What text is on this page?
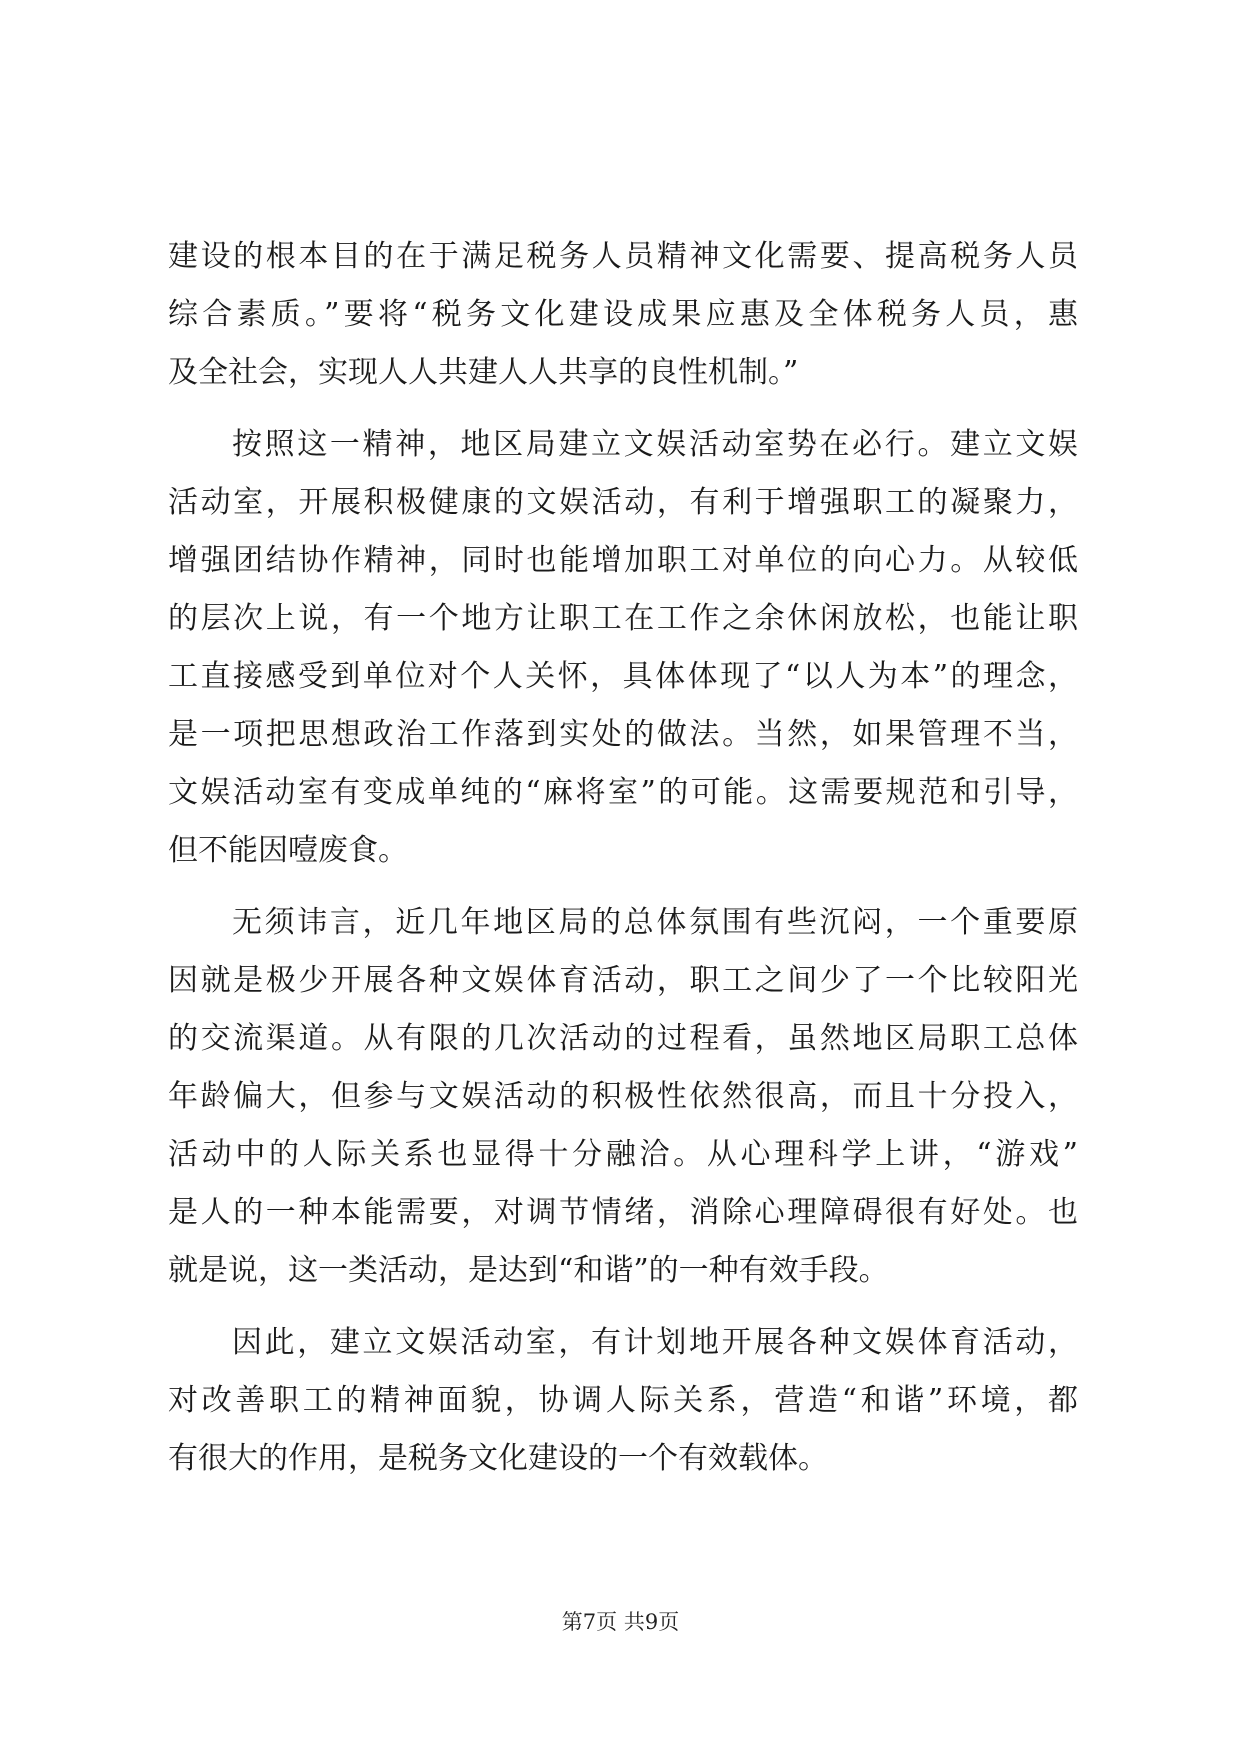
建设的根本目的在于满足税务人员精神文化需要、提高税务人员
综合素质。”要将“税务文化建设成果应惠及全体税务人员，惠
及全社会，实现人人共建人人共享的良性机制。”
按照这一精神，地区局建立文娱活动室势在必行。建立文娱
活动室，开展积极健康的文娱活动，有利于增强职工的凝聚力，
增强团结协作精神，同时也能增加职工对单位的向心力。从较低
的层次上说，有一个地方让职工在工作之余休闲放松，也能让职
工直接感受到单位对个人关怀，具体体现了“以人为本”的理念，
是一项把思想政治工作落到实处的做法。当然，如果管理不当，
文娱活动室有变成单纯的“麻将室”的可能。这需要规范和引导，
但不能因噎废食。
无须讳言，近几年地区局的总体氛围有些沉闷，一个重要原
因就是极少开展各种文娱体育活动，职工之间少了一个比较阳光
的交流渠道。从有限的几次活动的过程看，虽然地区局职工总体
年龄偏大，但参与文娱活动的积极性依然很高，而且十分投入，
活动中的人际关系也显得十分融洽。从心理科学上讲，“游戏”
是人的一种本能需要，对调节情绪，消除心理障碍很有好处。也
就是说，这一类活动，是达到“和谐”的一种有效手段。
因此，建立文娱活动室，有计划地开展各种文娱体育活动，
对改善职工的精神面貌，协调人际关系，营造“和谐”环境，都
有很大的作用，是税务文化建设的一个有效载体。
第7页 共9页
